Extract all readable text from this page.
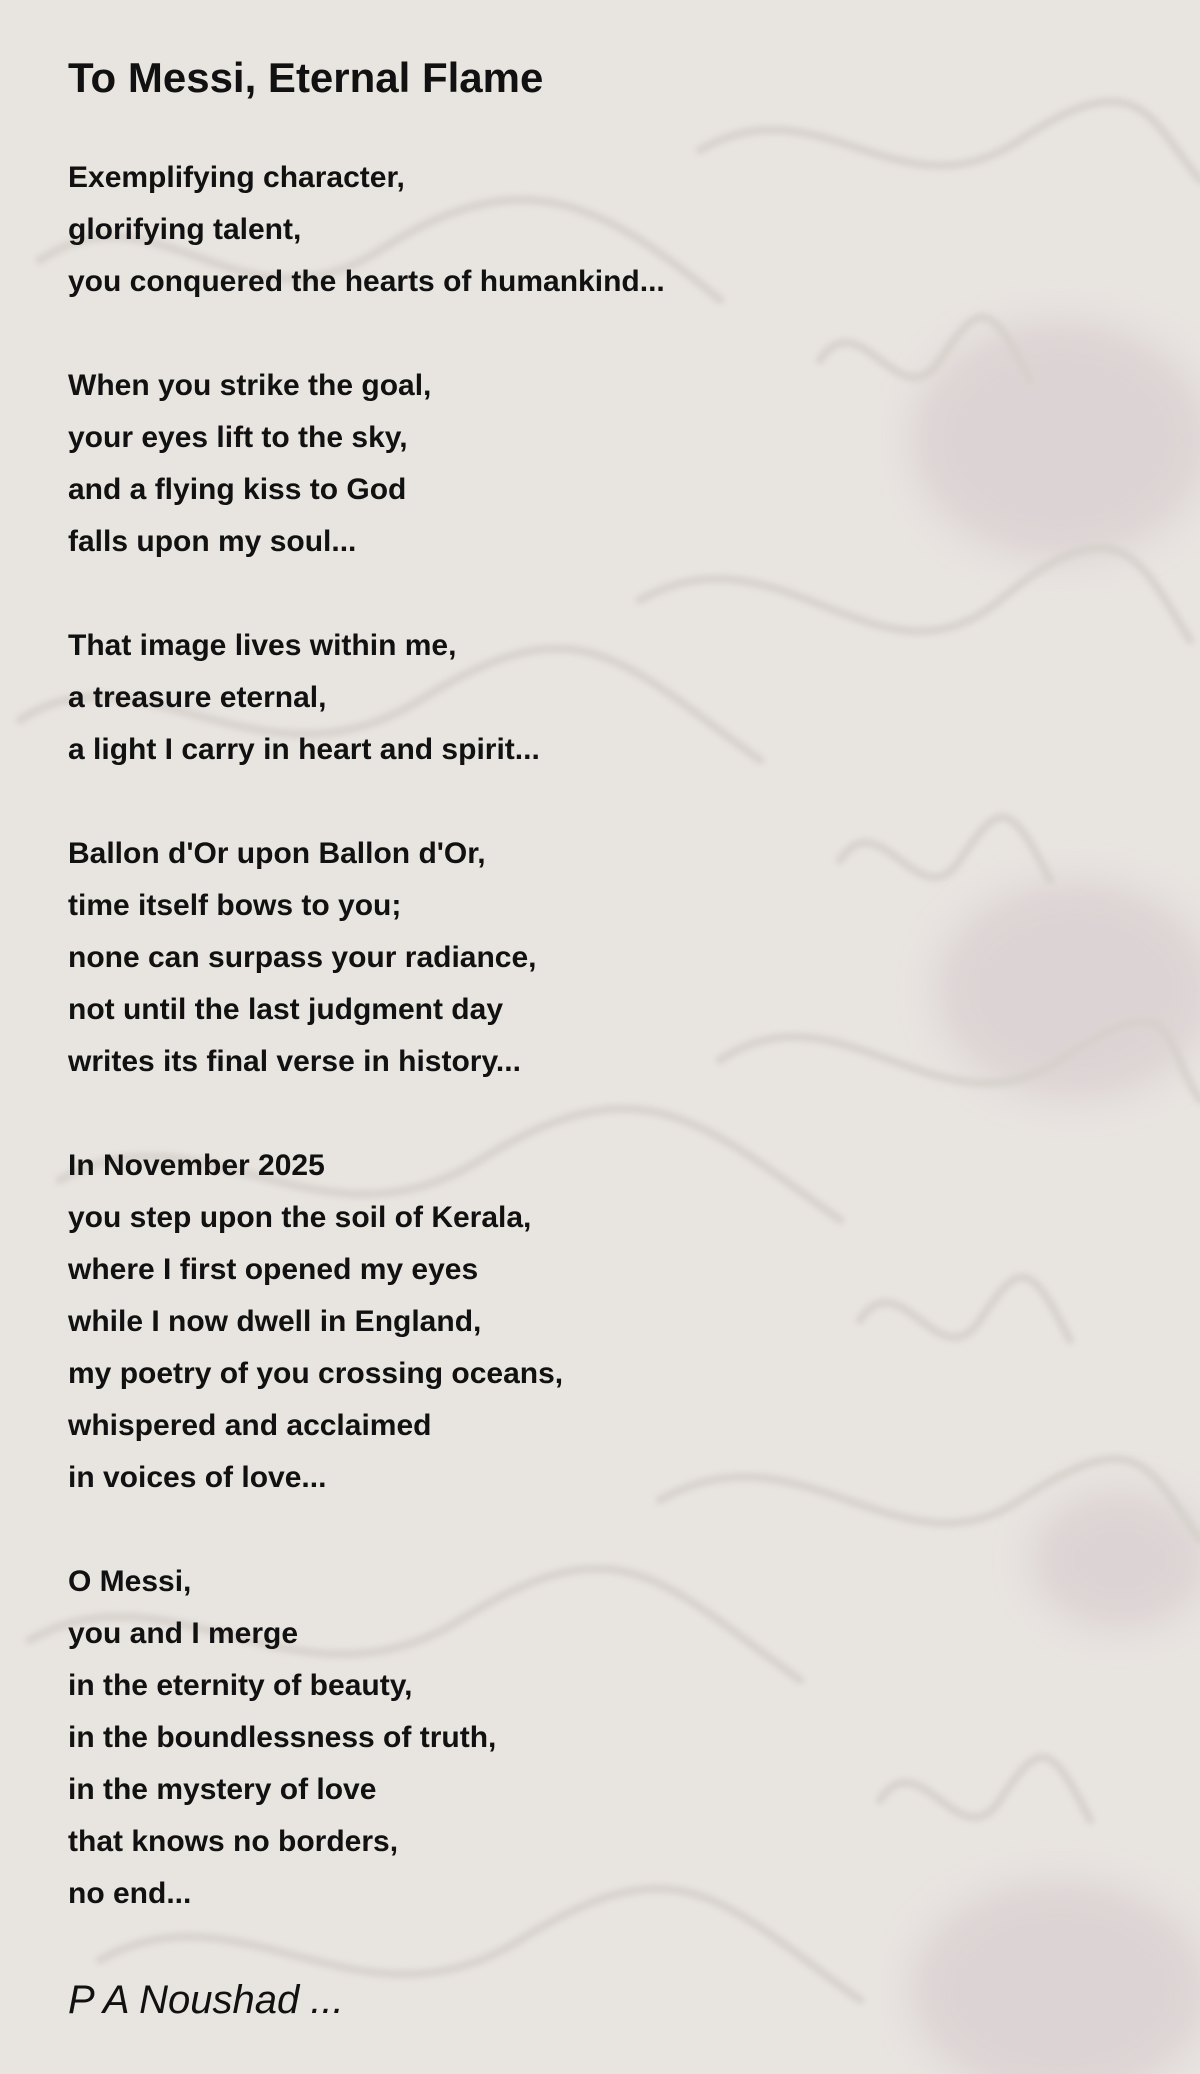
To Messi, Eternal Flame
Exemplifying character,
glorifying talent,
you conquered the hearts of humankind...
When you strike the goal,
your eyes lift to the sky,
and a flying kiss to God
falls upon my soul...
That image lives within me,
a treasure eternal,
a light I carry in heart and spirit...
Ballon d'Or upon Ballon d'Or,
time itself bows to you;
none can surpass your radiance,
not until the last judgment day
writes its final verse in history...
In November 2025
you step upon the soil of Kerala,
where I first opened my eyes
while I now dwell in England,
my poetry of you crossing oceans,
whispered and acclaimed
in voices of love...
O Messi,
you and I merge
in the eternity of beauty,
in the boundlessness of truth,
in the mystery of love
that knows no borders,
no end...
P A Noushad ...
